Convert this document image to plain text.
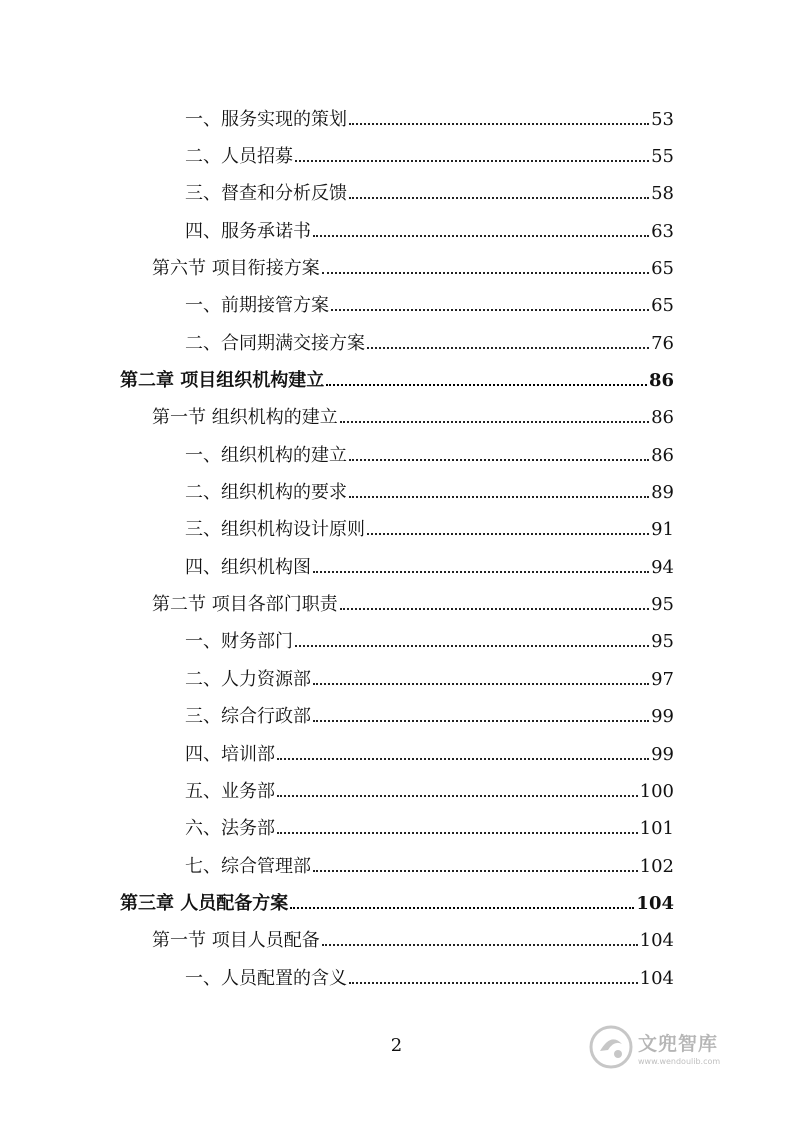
一、服务实现的策划	53
二、人员招募	55
三、督查和分析反馈	58
四、服务承诺书	63
第六节 项目衔接方案	65
一、前期接管方案	65
二、合同期满交接方案	76
第二章 项目组织机构建立	86
第一节 组织机构的建立	86
一、组织机构的建立	86
二、组织机构的要求	89
三、组织机构设计原则	91
四、组织机构图	94
第二节 项目各部门职责	95
一、财务部门	95
二、人力资源部	97
三、综合行政部	99
四、培训部	99
五、业务部	100
六、法务部	101
七、综合管理部	102
第三章 人员配备方案	104
第一节 项目人员配备	104
一、人员配置的含义	104
2	文兜智库
www.wendoulib.com
